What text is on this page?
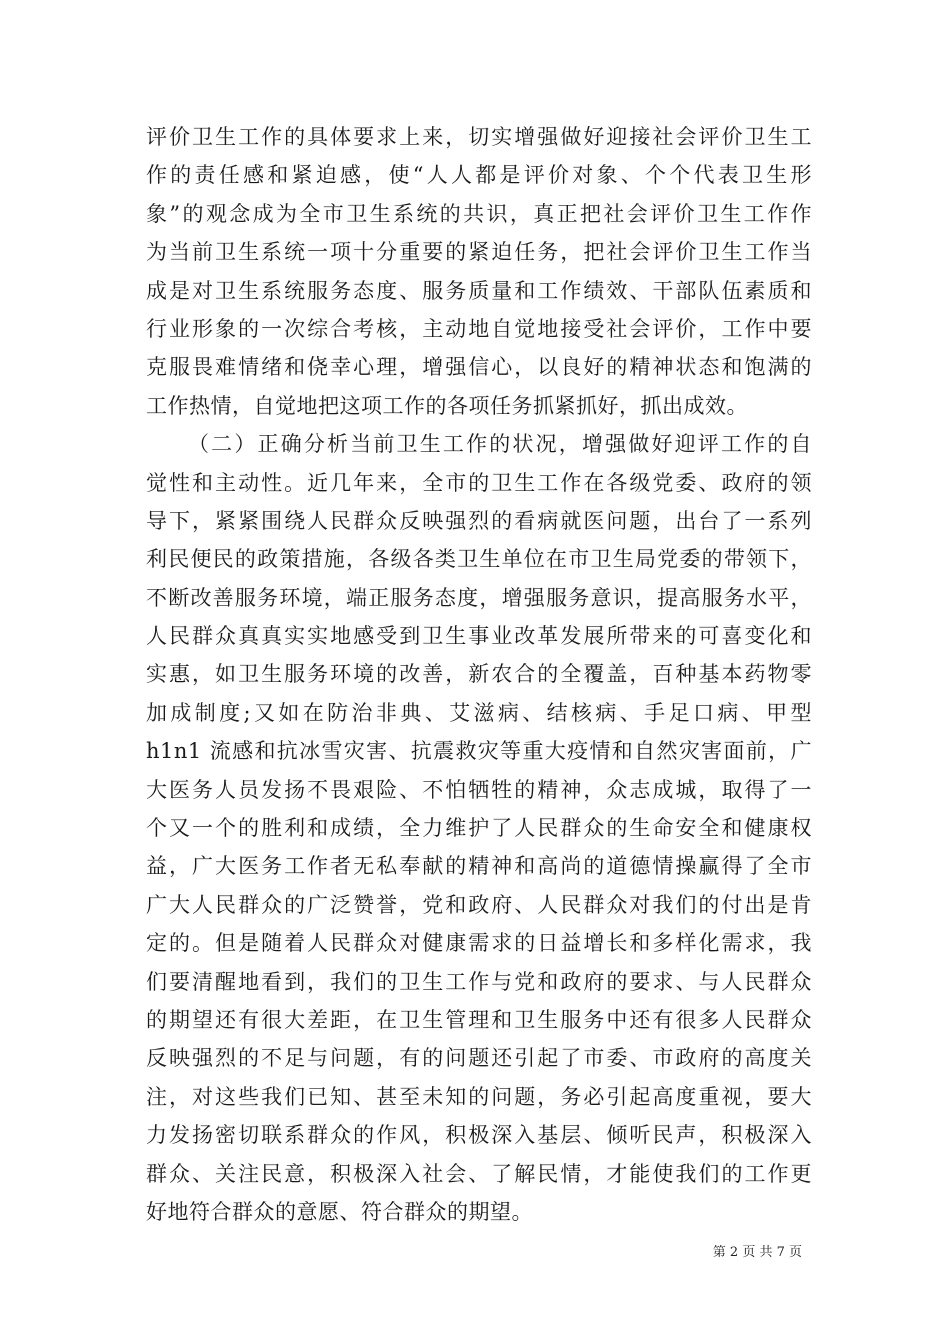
评价卫生工作的具体要求上来，切实增强做好迎接社会评价卫生工
作的责任感和紧迫感，使“人人都是评价对象、个个代表卫生形
象”的观念成为全市卫生系统的共识，真正把社会评价卫生工作作
为当前卫生系统一项十分重要的紧迫任务，把社会评价卫生工作当
成是对卫生系统服务态度、服务质量和工作绩效、干部队伍素质和
行业形象的一次综合考核，主动地自觉地接受社会评价，工作中要
克服畏难情绪和侥幸心理，增强信心，以良好的精神状态和饱满的
工作热情，自觉地把这项工作的各项任务抓紧抓好，抓出成效。
（二）正确分析当前卫生工作的状况，增强做好迎评工作的自
觉性和主动性。近几年来，全市的卫生工作在各级党委、政府的领
导下，紧紧围绕人民群众反映强烈的看病就医问题，出台了一系列
利民便民的政策措施，各级各类卫生单位在市卫生局党委的带领下，
不断改善服务环境，端正服务态度，增强服务意识，提高服务水平，
人民群众真真实实地感受到卫生事业改革发展所带来的可喜变化和
实惠，如卫生服务环境的改善，新农合的全覆盖，百种基本药物零
加成制度;又如在防治非典、艾滋病、结核病、手足口病、甲型
h1n1 流感和抗冰雪灾害、抗震救灾等重大疫情和自然灾害面前，广
大医务人员发扬不畏艰险、不怕牺牲的精神，众志成城，取得了一
个又一个的胜利和成绩，全力维护了人民群众的生命安全和健康权
益，广大医务工作者无私奉献的精神和高尚的道德情操赢得了全市
广大人民群众的广泛赞誉，党和政府、人民群众对我们的付出是肯
定的。但是随着人民群众对健康需求的日益增长和多样化需求，我
们要清醒地看到，我们的卫生工作与党和政府的要求、与人民群众
的期望还有很大差距，在卫生管理和卫生服务中还有很多人民群众
反映强烈的不足与问题，有的问题还引起了市委、市政府的高度关
注，对这些我们已知、甚至未知的问题，务必引起高度重视，要大
力发扬密切联系群众的作风，积极深入基层、倾听民声，积极深入
群众、关注民意，积极深入社会、了解民情，才能使我们的工作更
好地符合群众的意愿、符合群众的期望。
第 2 页 共 7 页
